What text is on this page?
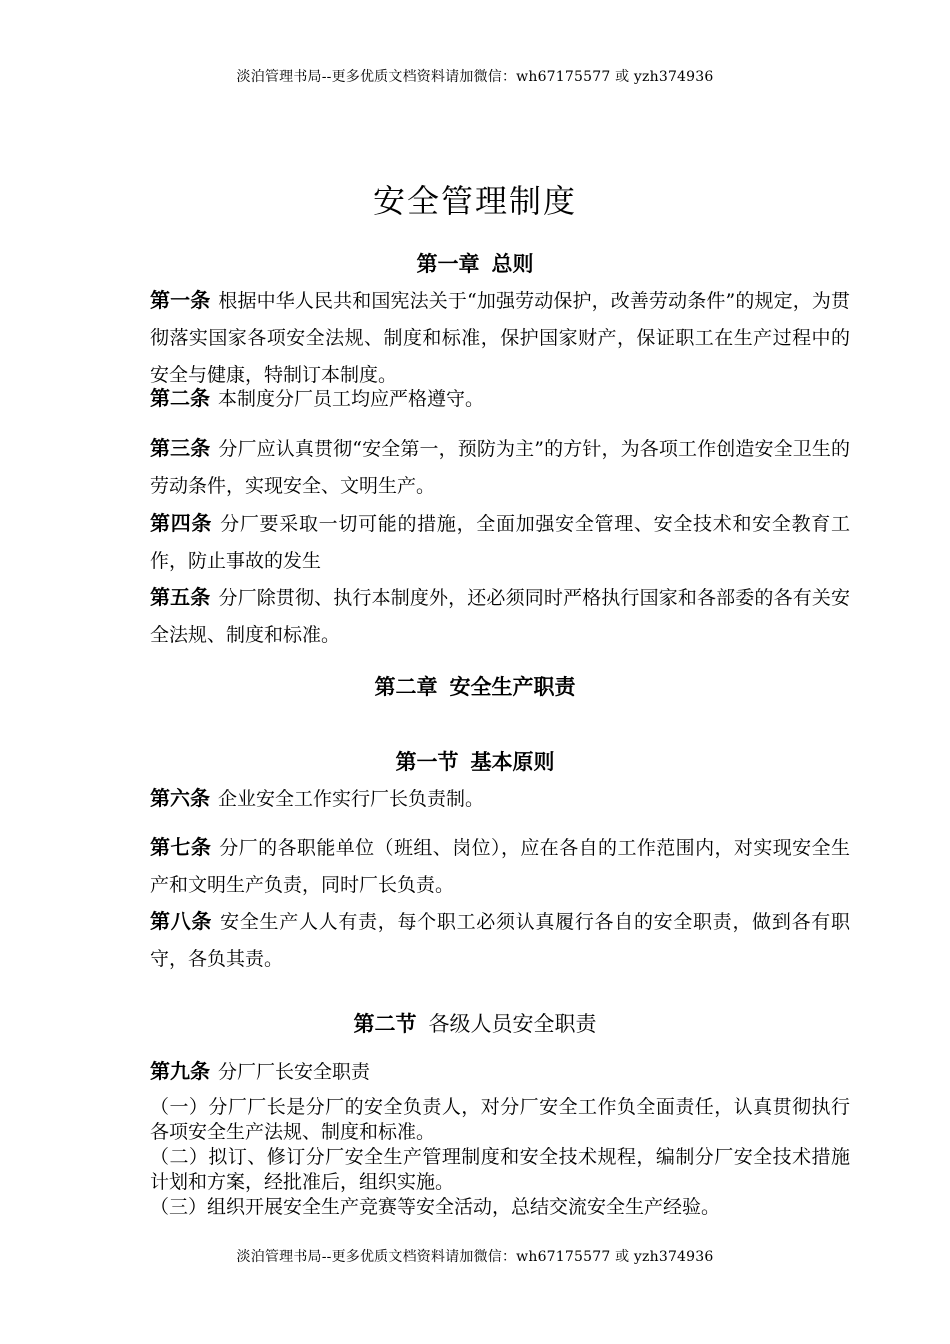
淡泊管理书局--更多优质文档资料请加微信：wh67175577 或 yzh374936
安全管理制度
第一章 总则
第一条 根据中华人民共和国宪法关于“加强劳动保护，改善劳动条件”的规定，为贯彻落实国家各项安全法规、制度和标准，保护国家财产，保证职工在生产过程中的安全与健康，特制订本制度。
第二条 本制度分厂员工均应严格遵守。
第三条 分厂应认真贯彻“安全第一，预防为主”的方针，为各项工作创造安全卫生的劳动条件，实现安全、文明生产。
第四条 分厂要采取一切可能的措施，全面加强安全管理、安全技术和安全教育工作，防止事故的发生
第五条 分厂除贯彻、执行本制度外，还必须同时严格执行国家和各部委的各有关安全法规、制度和标准。
第二章 安全生产职责
第一节 基本原则
第六条 企业安全工作实行厂长负责制。
第七条 分厂的各职能单位（班组、岗位），应在各自的工作范围内，对实现安全生产和文明生产负责，同时厂长负责。
第八条 安全生产人人有责，每个职工必须认真履行各自的安全职责，做到各有职守，各负其责。
第二节 各级人员安全职责
第九条 分厂厂长安全职责
（一）分厂厂长是分厂的安全负责人，对分厂安全工作负全面责任，认真贯彻执行各项安全生产法规、制度和标准。
（二）拟订、修订分厂安全生产管理制度和安全技术规程，编制分厂安全技术措施计划和方案，经批准后，组织实施。
（三）组织开展安全生产竞赛等安全活动，总结交流安全生产经验。
淡泊管理书局--更多优质文档资料请加微信：wh67175577 或 yzh374936
